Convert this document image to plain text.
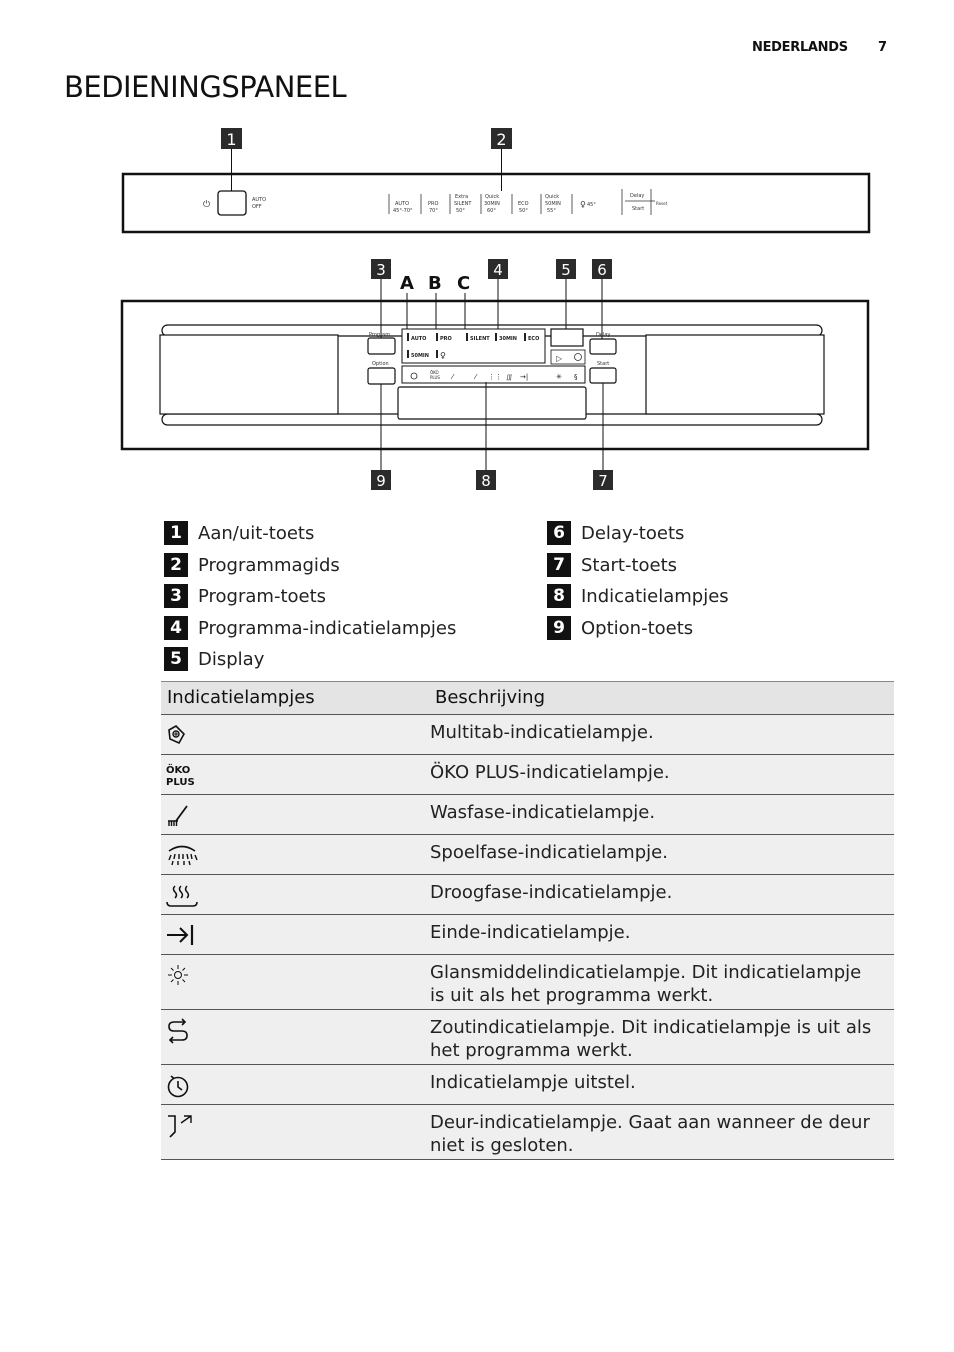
NEDERLANDS 7
BEDIENINGSPANEEL
1	2
⏻	AUTO
OFF	AUTO
45°-70°
PRO
70°
Extra
SILENT
50°
Quick
30MIN
60°
ECO
50°
Quick
50MIN
55°
♀ 45°
Delay
Start
Reset
3
A B C
4	5 6
Program
Option
AUTO	PRO	SILENT 30MIN ECO
50MIN ♀	▷
Delay
Start
ÖKO
PLUS ⁄	⁄ ⋮⋮ ∭ →|	✳ §
9	8	7
1 Aan/uit-toets
2 Programmagids
3 Program-toets
4 Programma-indicatielampjes
5 Display
6 Delay-toets
7 Start-toets
8 Indicatielampjes
9 Option-toets
Indicatielampjes	Beschrijving

Multitab-indicatielampje.

ÖKO
PLUS	ÖKO PLUS-indicatielampje.

Wasfase-indicatielampje.

Spoelfase-indicatielampje.

Droogfase-indicatielampje.

Einde-indicatielampje.

Glansmiddelindicatielampje. Dit indicatielampje is uit als het programma werkt.

Zoutindicatielampje. Dit indicatielampje is uit als het programma werkt.

Indicatielampje uitstel.

Deur-indicatielampje. Gaat aan wanneer de deur niet is gesloten.
